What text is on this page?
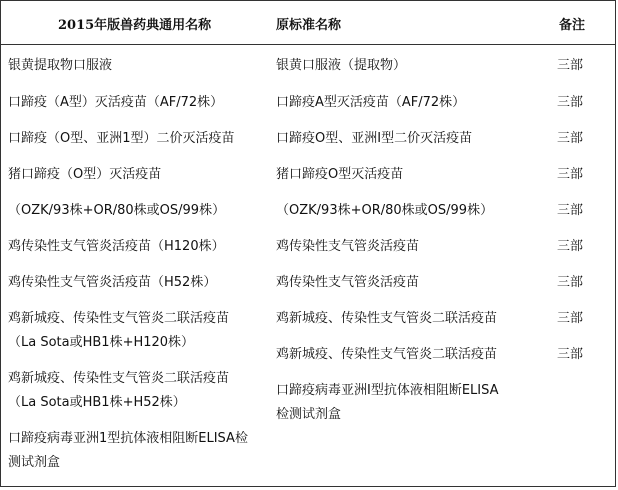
2015年版兽药典通用名称	原标准名称	备注
银黄提取物口服液
口蹄疫（A型）灭活疫苗（AF/72株）
口蹄疫（O型、亚洲1型）二价灭活疫苗
猪口蹄疫（O型）灭活疫苗
（OZK/93株+OR/80株或OS/99株）
鸡传染性支气管炎活疫苗（H120株）
鸡传染性支气管炎活疫苗（H52株）
鸡新城疫、传染性支气管炎二联活疫苗
（La Sota或HB1株+H120株）
鸡新城疫、传染性支气管炎二联活疫苗
（La Sota或HB1株+H52株）
口蹄疫病毒亚洲1型抗体液相阻断ELISA检
测试剂盒
银黄口服液（提取物）
口蹄疫A型灭活疫苗（AF/72株）
口蹄疫O型、亚洲Ⅰ型二价灭活疫苗
猪口蹄疫O型灭活疫苗
（OZK/93株+OR/80株或OS/99株）
鸡传染性支气管炎活疫苗
鸡传染性支气管炎活疫苗
鸡新城疫、传染性支气管炎二联活疫苗
鸡新城疫、传染性支气管炎二联活疫苗
口蹄疫病毒亚洲Ⅰ型抗体液相阻断ELISA
检测试剂盒
三部
三部
三部
三部
三部
三部
三部
三部
三部
